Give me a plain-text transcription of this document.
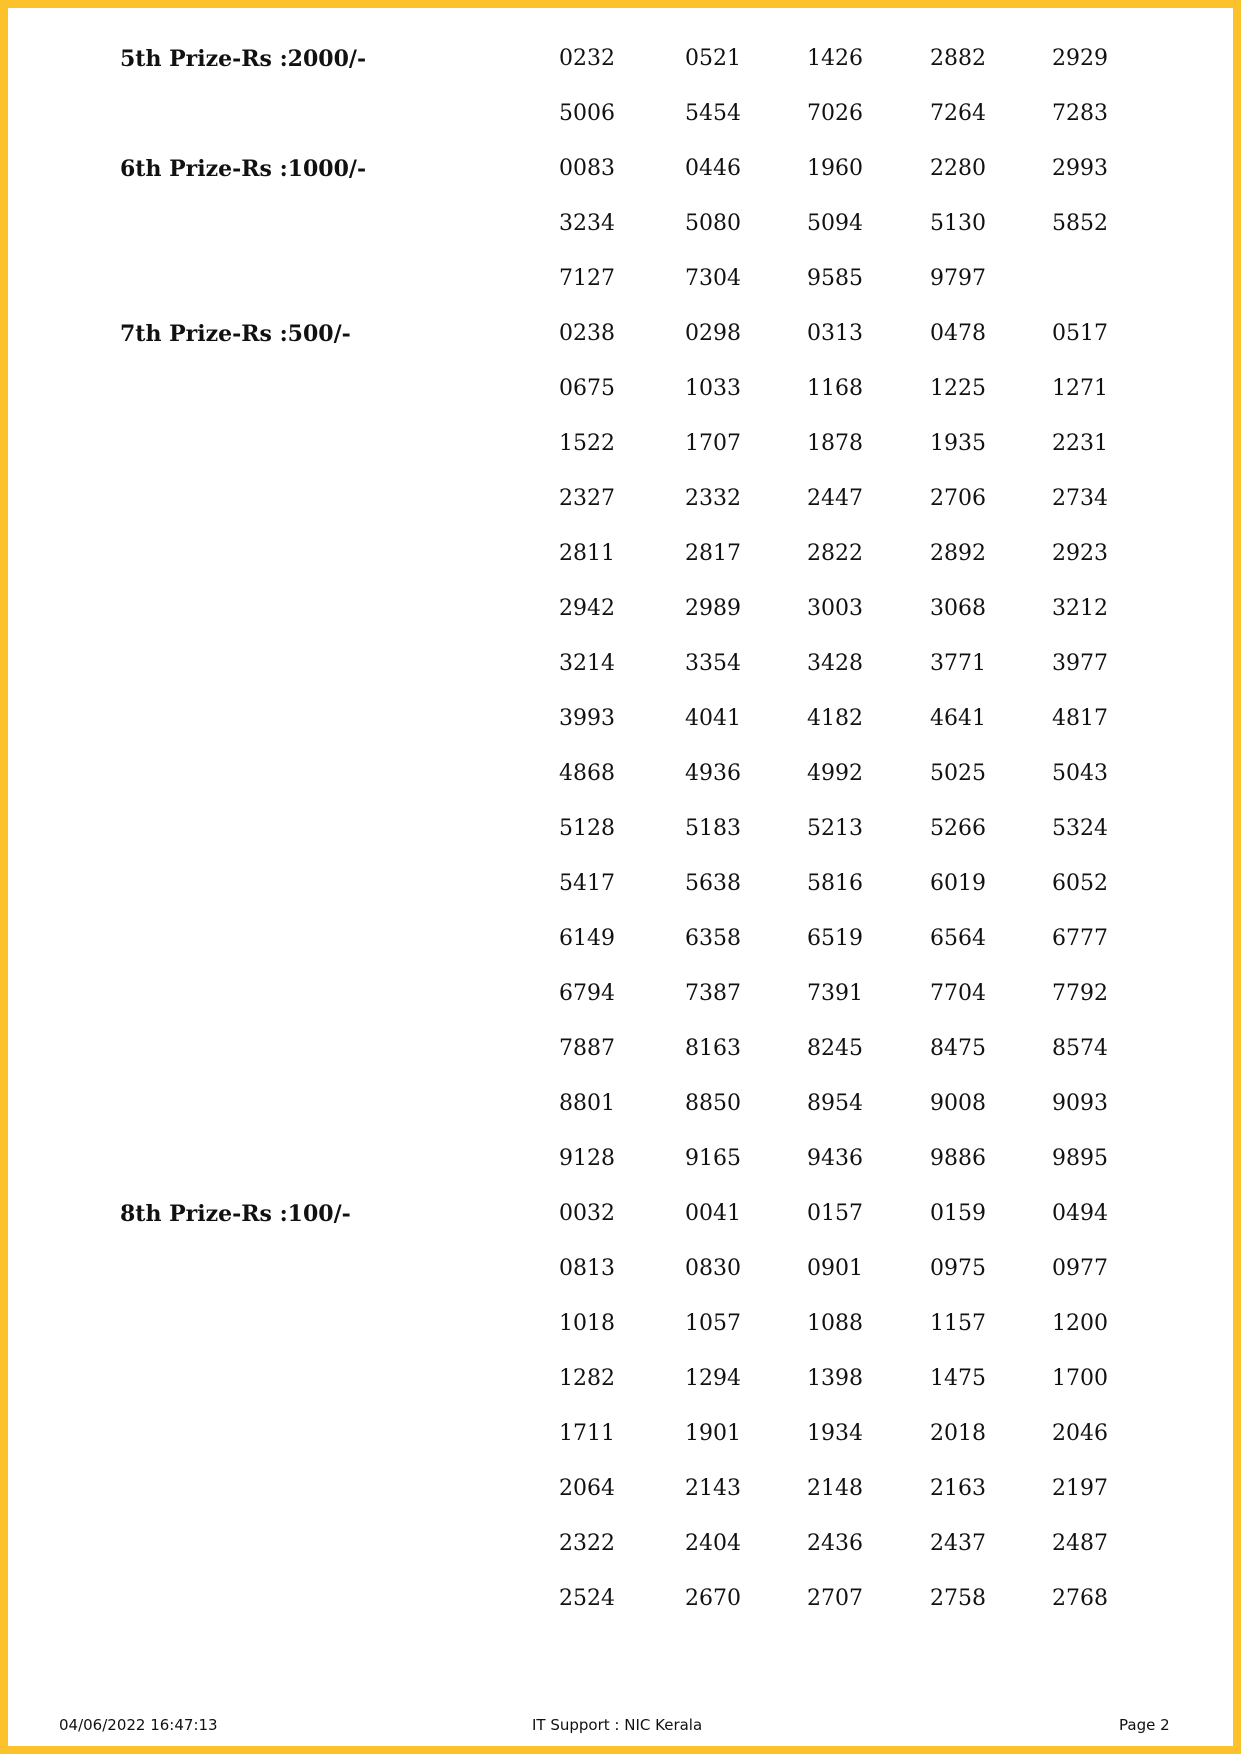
5th Prize-Rs :2000/-	0232	0521	1426	2882	2929
5006	5454	7026	7264	7283
6th Prize-Rs :1000/-	0083	0446	1960	2280	2993
3234	5080	5094	5130	5852
7127	7304	9585	9797
7th Prize-Rs :500/-	0238	0298	0313	0478	0517
0675	1033	1168	1225	1271
1522	1707	1878	1935	2231
2327	2332	2447	2706	2734
2811	2817	2822	2892	2923
2942	2989	3003	3068	3212
3214	3354	3428	3771	3977
3993	4041	4182	4641	4817
4868	4936	4992	5025	5043
5128	5183	5213	5266	5324
5417	5638	5816	6019	6052
6149	6358	6519	6564	6777
6794	7387	7391	7704	7792
7887	8163	8245	8475	8574
8801	8850	8954	9008	9093
9128	9165	9436	9886	9895
8th Prize-Rs :100/-	0032	0041	0157	0159	0494
0813	0830	0901	0975	0977
1018	1057	1088	1157	1200
1282	1294	1398	1475	1700
1711	1901	1934	2018	2046
2064	2143	2148	2163	2197
2322	2404	2436	2437	2487
2524	2670	2707	2758	2768
04/06/2022 16:47:13	IT Support : NIC Kerala	Page 2
